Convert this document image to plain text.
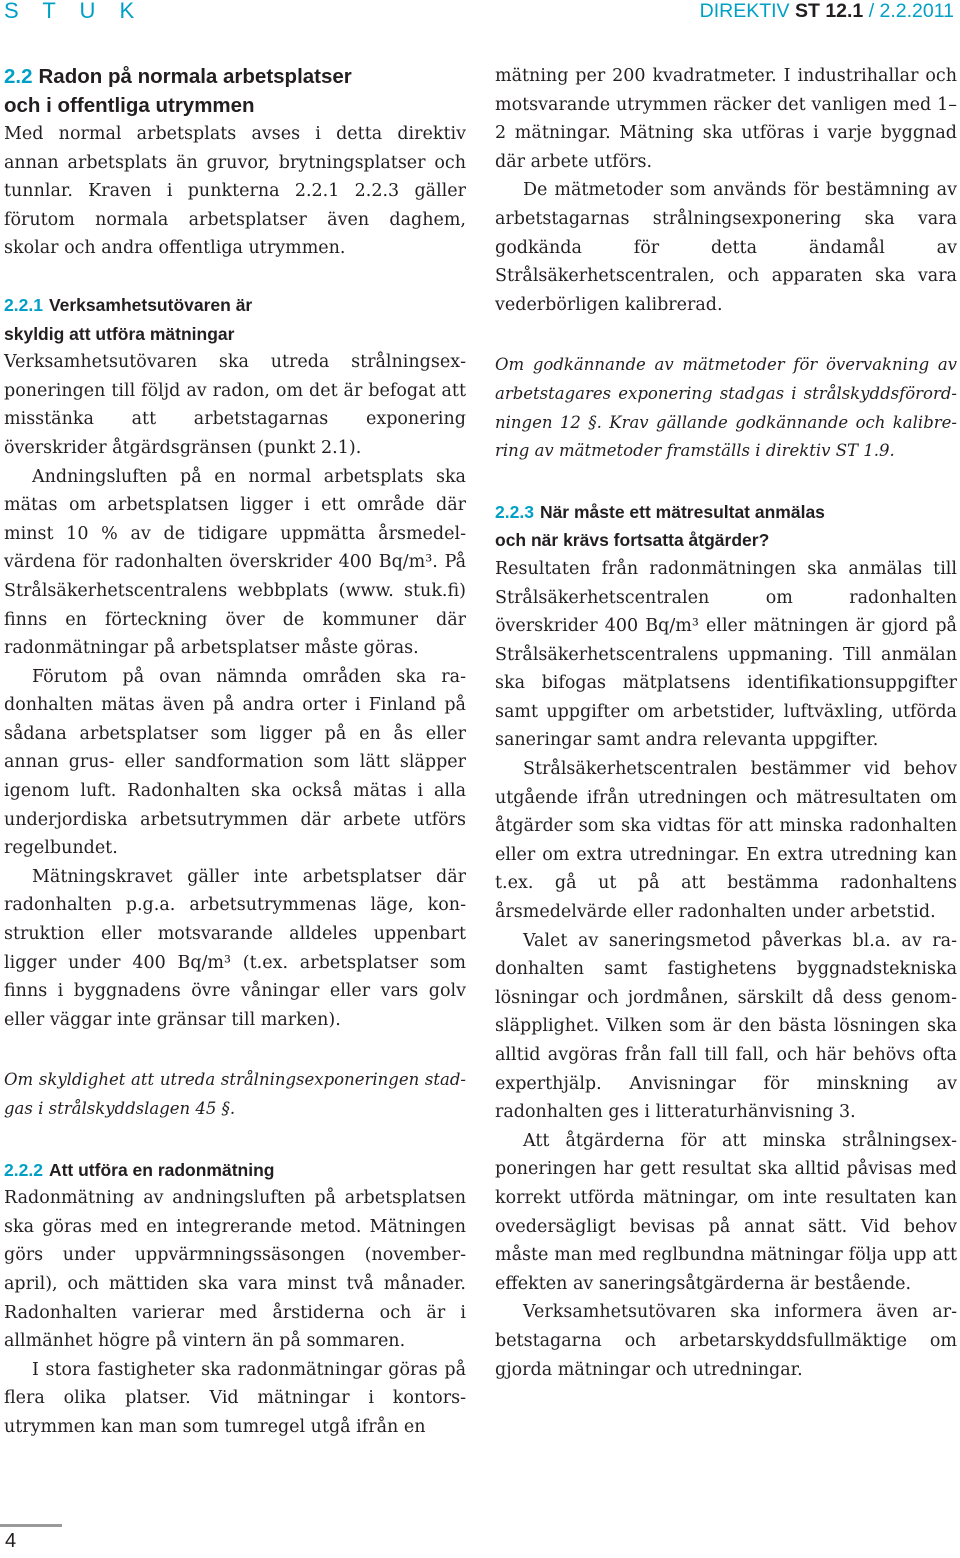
S T U K	DIREKTIV ST 12.1 / 2.2.2011
2.2 Radon på normala arbetsplatser
och i offentliga utrymmen

Med normal arbetsplats avses i detta direktiv annan arbetsplats än gruvor, brytningsplatser och tunnlar. Kraven i punkterna 2.2.1 2.2.3 gäller förutom normala arbetsplatser även daghem, skolar och andra offentliga utrymmen.

2.2.1 Verksamhetsutövaren är
skyldig att utföra mätningar

Verksamhetsutövaren ska utreda strålningsexponeringen till följd av radon, om det är befogat att misstänka att arbetstagarnas exponering överskrider åtgärdsgränsen (punkt 2.1).

Andningsluften på en normal arbetsplats ska mätas om arbetsplatsen ligger i ett område där minst 10 % av de tidigare uppmätta årsmedelvärdena för radonhalten överskrider 400 Bq/m³. På Strålsäkerhetscentralens webbplats (www. stuk.fi) finns en förteckning över de kommuner där radonmätningar på arbetsplatser måste göras.

Förutom på ovan nämnda områden ska radonhalten mätas även på andra orter i Finland på sådana arbetsplatser som ligger på en ås eller annan grus- eller sandformation som lätt släpper igenom luft. Radonhalten ska också mätas i alla underjordiska arbetsutrymmen där arbete utförs regelbundet.

Mätningskravet gäller inte arbetsplatser där radonhalten p.g.a. arbetsutrymmenas läge, konstruktion eller motsvarande alldeles uppenbart ligger under 400 Bq/m³ (t.ex. arbetsplatser som finns i byggnadens övre våningar eller vars golv eller väggar inte gränsar till marken).

Om skyldighet att utreda strålningsexponeringen stadgas i strålskyddslagen 45 §.

2.2.2 Att utföra en radonmätning

Radonmätning av andningsluften på arbetsplatsen ska göras med en integrerande metod. Mätningen görs under uppvärmningssäsongen (november-april), och mättiden ska vara minst två månader. Radonhalten varierar med årstiderna och är i allmänhet högre på vintern än på sommaren.

I stora fastigheter ska radonmätningar göras på flera olika platser. Vid mätningar i kontorsutrymmen kan man som tumregel utgå ifrån en

mätning per 200 kvadratmeter. I industrihallar och motsvarande utrymmen räcker det vanligen med 1–2 mätningar. Mätning ska utföras i varje byggnad där arbete utförs.

De mätmetoder som används för bestämning av arbetstagarnas strålningsexponering ska vara godkända för detta ändamål av Strålsäkerhetscentralen, och apparaten ska vara vederbörligen kalibrerad.

Om godkännande av mätmetoder för övervakning av arbetstagares exponering stadgas i strålskyddsförordningen 12 §. Krav gällande godkännande och kalibrering av mätmetoder framställs i direktiv ST 1.9.

2.2.3 När måste ett mätresultat anmälas
och när krävs fortsatta åtgärder?

Resultaten från radonmätningen ska anmälas till Strålsäkerhetscentralen om radonhalten överskrider 400 Bq/m³ eller mätningen är gjord på Strålsäkerhetscentralens uppmaning. Till anmälan ska bifogas mätplatsens identifikationsuppgifter samt uppgifter om arbetstider, luftväxling, utförda saneringar samt andra relevanta uppgifter.

Strålsäkerhetscentralen bestämmer vid behov utgående ifrån utredningen och mätresultaten om åtgärder som ska vidtas för att minska radonhalten eller om extra utredningar. En extra utredning kan t.ex. gå ut på att bestämma radonhaltens årsmedelvärde eller radonhalten under arbetstid.

Valet av saneringsmetod påverkas bl.a. av radonhalten samt fastighetens byggnadstekniska lösningar och jordmånen, särskilt då dess genomsläpplighet. Vilken som är den bästa lösningen ska alltid avgöras från fall till fall, och här behövs ofta experthjälp. Anvisningar för minskning av radonhalten ges i litteraturhänvisning 3.

Att åtgärderna för att minska strålningsexponeringen har gett resultat ska alltid påvisas med korrekt utförda mätningar, om inte resultaten kan ovedersägligt bevisas på annat sätt. Vid behov måste man med reglbundna mätningar följa upp att effekten av saneringsåtgärderna är bestående.

Verksamhetsutövaren ska informera även arbetstagarna och arbetarskyddsfullmäktige om gjorda mätningar och utredningar.

4
